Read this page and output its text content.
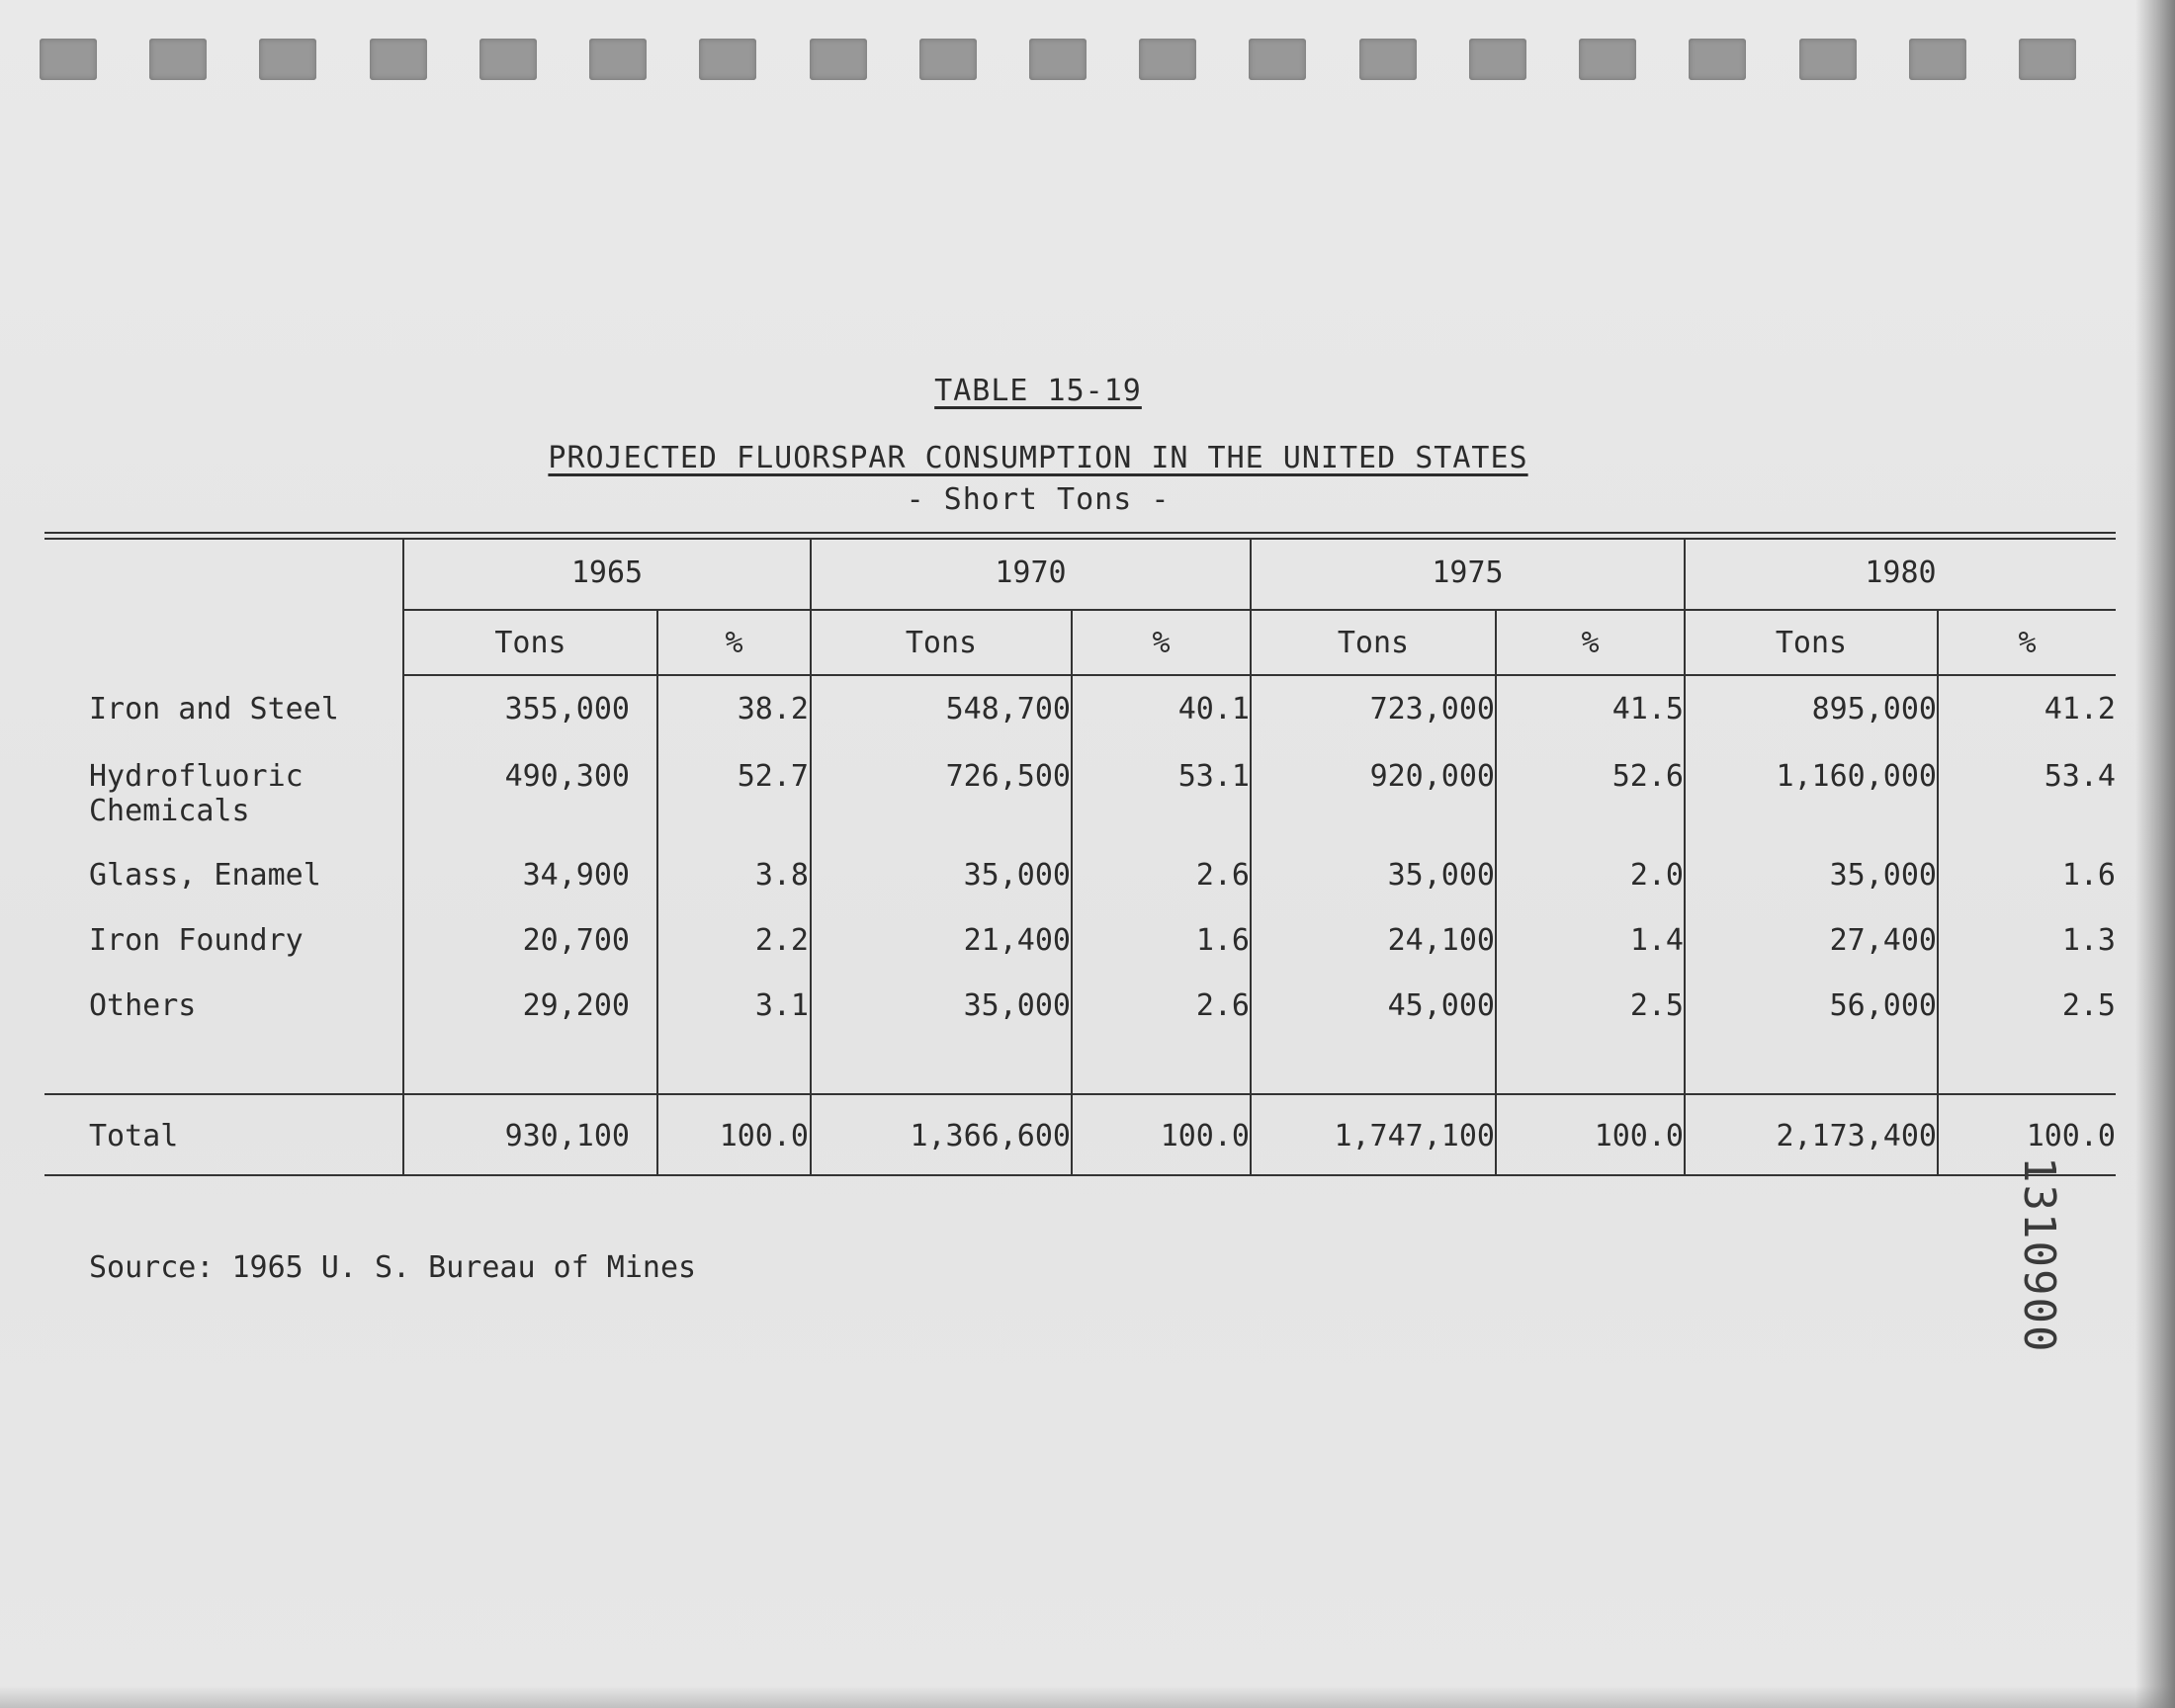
TABLE 15-19
PROJECTED FLUORSPAR CONSUMPTION IN THE UNITED STATES
- Short Tons -
1965	1970	1975	1980
Tons	%	Tons	%	Tons	%	Tons	%
Iron and Steel	355,000	38.2	548,700	40.1	723,000	41.5	895,000	41.2
Hydrofluoric
Chemicals
490,300	52.7	726,500	53.1	920,000	52.6	1,160,000	53.4
Glass, Enamel	34,900	3.8	35,000	2.6	35,000	2.0	35,000	1.6
Iron Foundry	20,700	2.2	21,400	1.6	24,100	1.4	27,400	1.3
Others	29,200	3.1	35,000	2.6	45,000	2.5	56,000	2.5
Total	930,100	100.0	1,366,600	100.0	1,747,100	100.0	2,173,400	100.0
Source: 1965 U. S. Bureau of Mines	1310900
